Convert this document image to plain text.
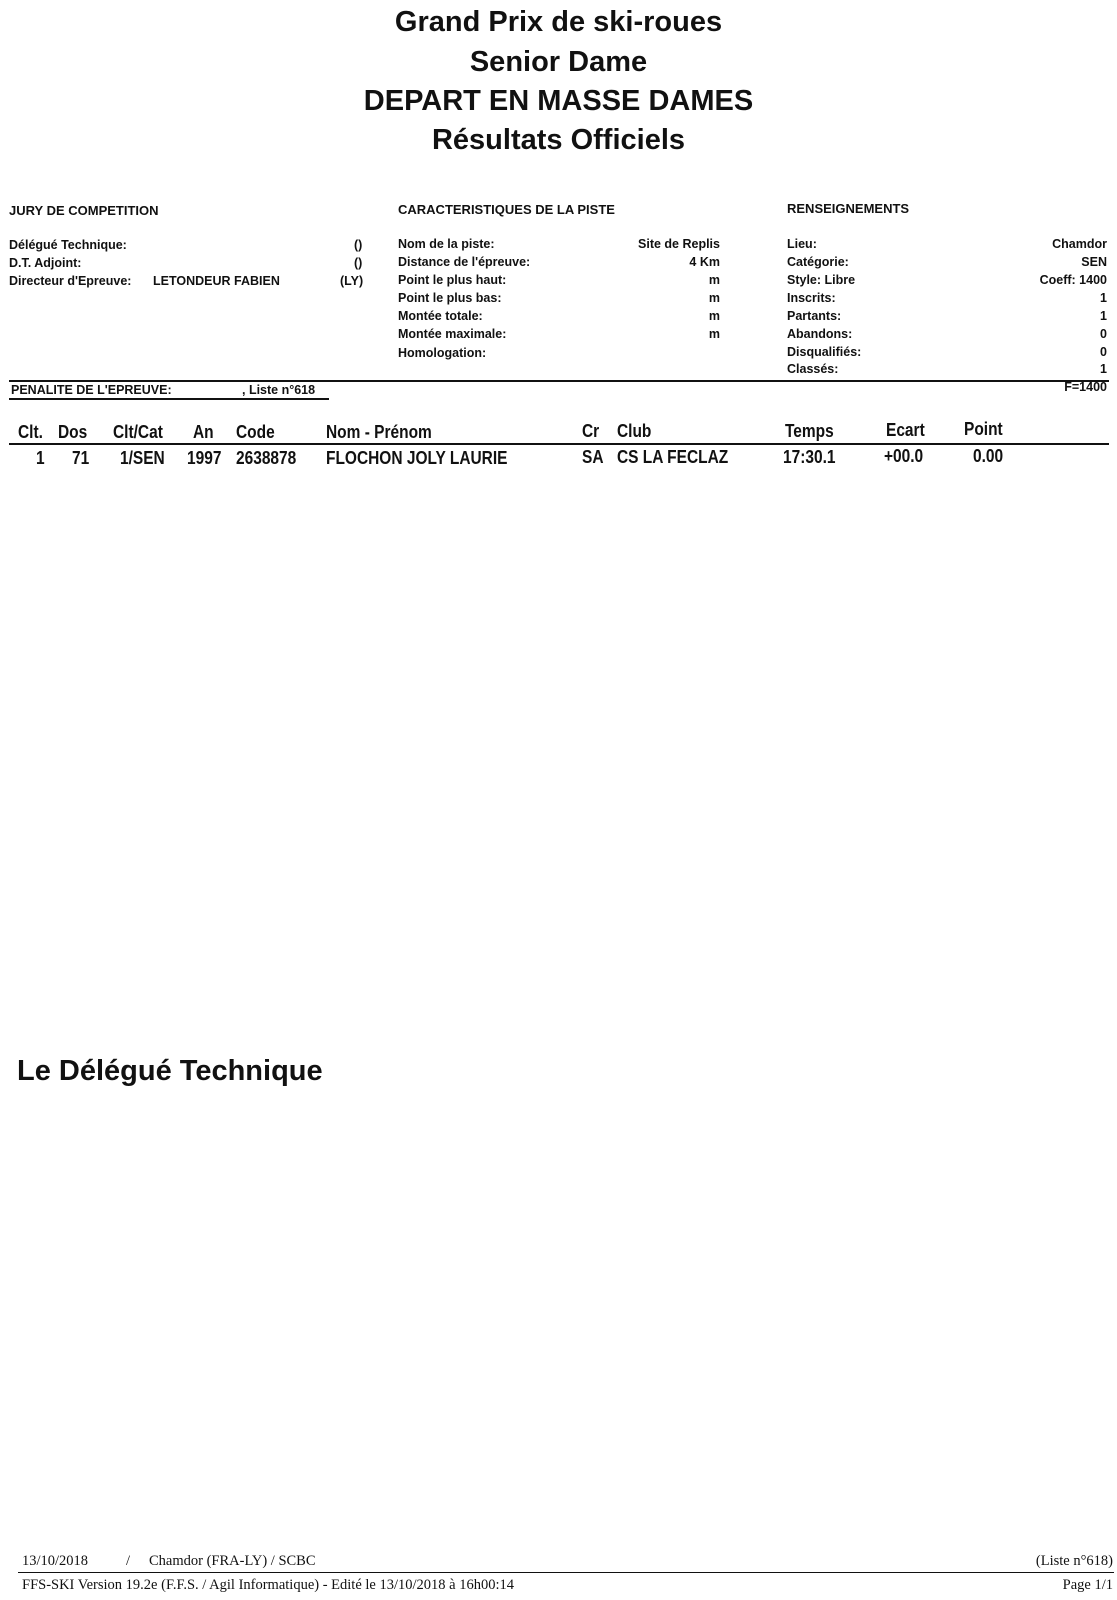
Grand Prix de ski-roues
Senior Dame
DEPART EN MASSE DAMES
Résultats Officiels
JURY DE COMPETITION	CARACTERISTIQUES DE LA PISTE	RENSEIGNEMENTS
Délégué Technique:	()
D.T. Adjoint:	()
Directeur d'Epreuve: LETONDEUR FABIEN	(LY)
Nom de la piste:	Site de Replis
Distance de l'épreuve:	4 Km
Point le plus haut:	m
Point le plus bas:	m
Montée totale:	m
Montée maximale:	m
Homologation:
Lieu:	Chamdor
Catégorie:	SEN
Style: Libre	Coeff: 1400
Inscrits:	1
Partants:	1
Abandons:	0
Disqualifiés:	0
Classés:	1
PENALITE DE L'EPREUVE:	, Liste n°618	F=1400
Clt. Dos Clt/Cat An Code	Nom - Prénom	Cr Club	Temps	Ecart Point
1 71 1/SEN 1997 2638878 FLOCHON JOLY LAURIE	SA CS LA FECLAZ	17:30.1	+00.0	0.00
Le Délégué Technique
13/10/2018	/ Chamdor (FRA-LY) / SCBC	(Liste n°618)
FFS-SKI Version 19.2e (F.F.S. / Agil Informatique) - Edité le 13/10/2018 à 16h00:14	Page 1/1
